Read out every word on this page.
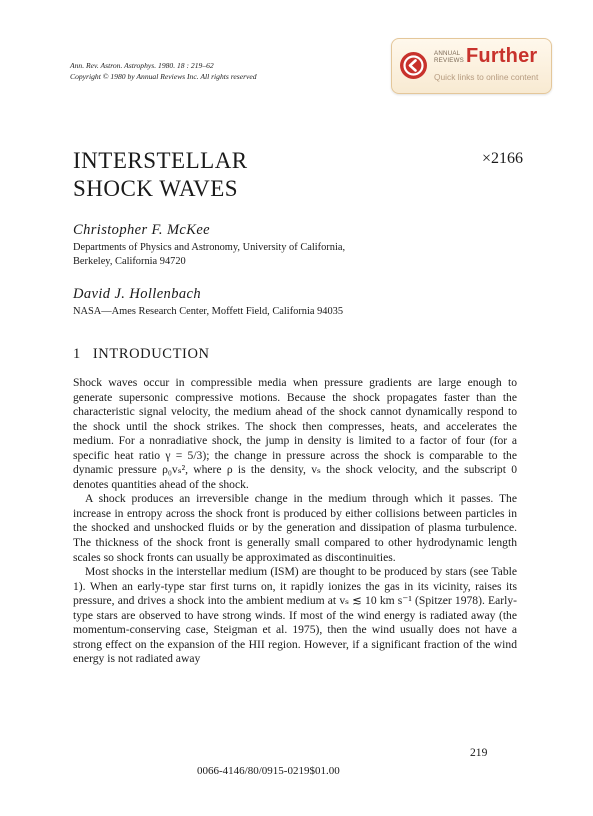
Ann. Rev. Astron. Astrophys. 1980. 18 : 219–62
Copyright © 1980 by Annual Reviews Inc. All rights reserved
ANNUAL
REVIEWS Further
Quick links to online content
INTERSTELLAR
SHOCK WAVES
×2166
Christopher F. McKee
Departments of Physics and Astronomy, University of California,
Berkeley, California 94720
David J. Hollenbach
NASA—Ames Research Center, Moffett Field, California 94035
1 INTRODUCTION

Shock waves occur in compressible media when pressure gradients are large enough to generate supersonic compressive motions. Because the shock propagates faster than the characteristic signal velocity, the medium ahead of the shock cannot dynamically respond to the shock until the shock strikes. The shock then compresses, heats, and accelerates the medium. For a nonradiative shock, the jump in density is limited to a factor of four (for a specific heat ratio γ = 5/3); the change in pressure across the shock is comparable to the dynamic pressure ρ₀vₛ², where ρ is the density, vₛ the shock velocity, and the subscript 0 denotes quantities ahead of the shock.

A shock produces an irreversible change in the medium through which it passes. The increase in entropy across the shock front is produced by either collisions between particles in the shocked and unshocked fluids or by the generation and dissipation of plasma turbulence. The thickness of the shock front is generally small compared to other hydrodynamic length scales so shock fronts can usually be approximated as discontinuities.

Most shocks in the interstellar medium (ISM) are thought to be produced by stars (see Table 1). When an early-type star first turns on, it rapidly ionizes the gas in its vicinity, raises its pressure, and drives a shock into the ambient medium at vₛ ≲ 10 km s⁻¹ (Spitzer 1978). Early-type stars are observed to have strong winds. If most of the wind energy is radiated away (the momentum-conserving case, Steigman et al. 1975), then the wind usually does not have a strong effect on the expansion of the HII region. However, if a significant fraction of the wind energy is not radiated away

219
0066-4146/80/0915-0219$01.00
